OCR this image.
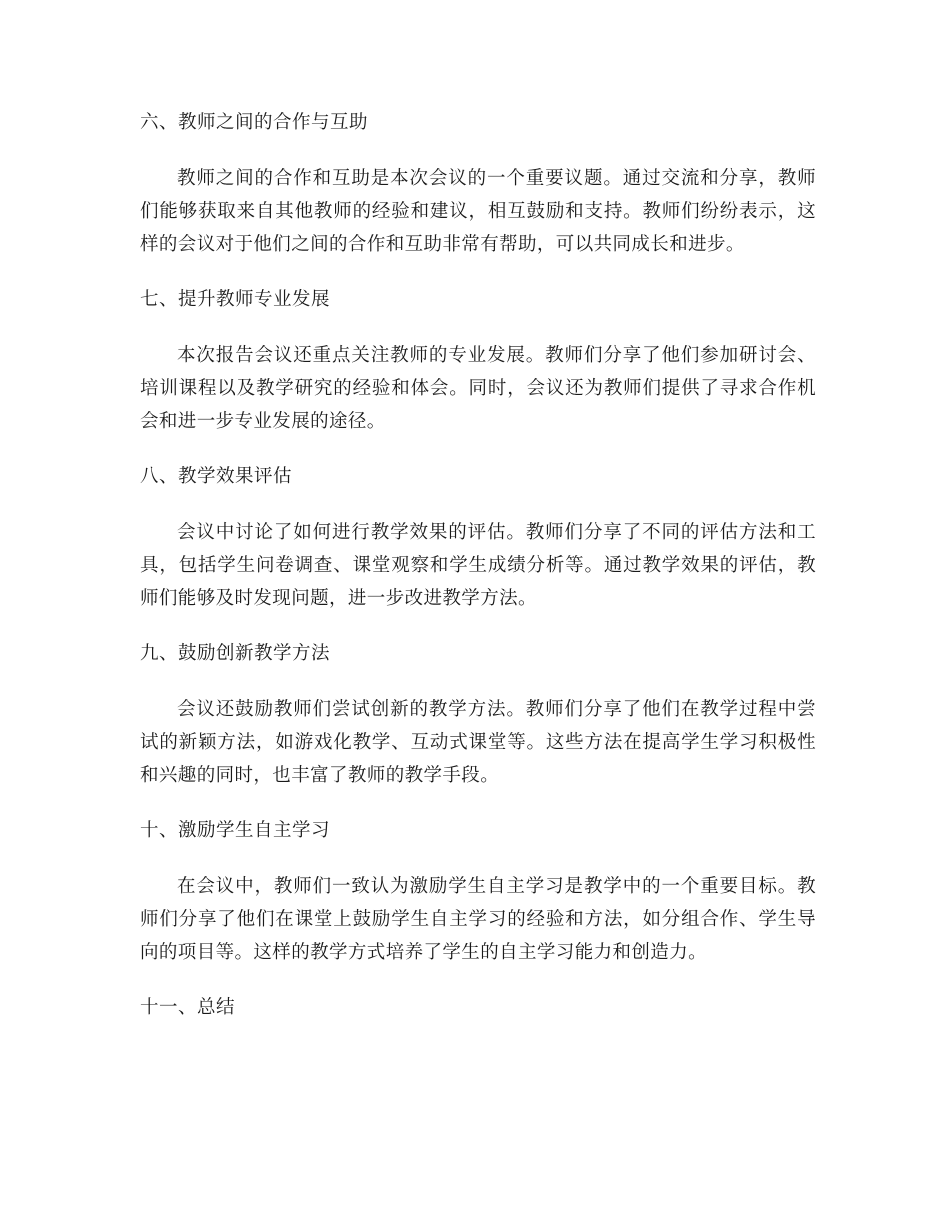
六、教师之间的合作与互助

教师之间的合作和互助是本次会议的一个重要议题。通过交流和分享，教师们能够获取来自其他教师的经验和建议，相互鼓励和支持。教师们纷纷表示，这样的会议对于他们之间的合作和互助非常有帮助，可以共同成长和进步。

七、提升教师专业发展

本次报告会议还重点关注教师的专业发展。教师们分享了他们参加研讨会、培训课程以及教学研究的经验和体会。同时，会议还为教师们提供了寻求合作机会和进一步专业发展的途径。

八、教学效果评估

会议中讨论了如何进行教学效果的评估。教师们分享了不同的评估方法和工具，包括学生问卷调查、课堂观察和学生成绩分析等。通过教学效果的评估，教师们能够及时发现问题，进一步改进教学方法。

九、鼓励创新教学方法

会议还鼓励教师们尝试创新的教学方法。教师们分享了他们在教学过程中尝试的新颖方法，如游戏化教学、互动式课堂等。这些方法在提高学生学习积极性和兴趣的同时，也丰富了教师的教学手段。

十、激励学生自主学习

在会议中，教师们一致认为激励学生自主学习是教学中的一个重要目标。教师们分享了他们在课堂上鼓励学生自主学习的经验和方法，如分组合作、学生导向的项目等。这样的教学方式培养了学生的自主学习能力和创造力。

十一、总结
